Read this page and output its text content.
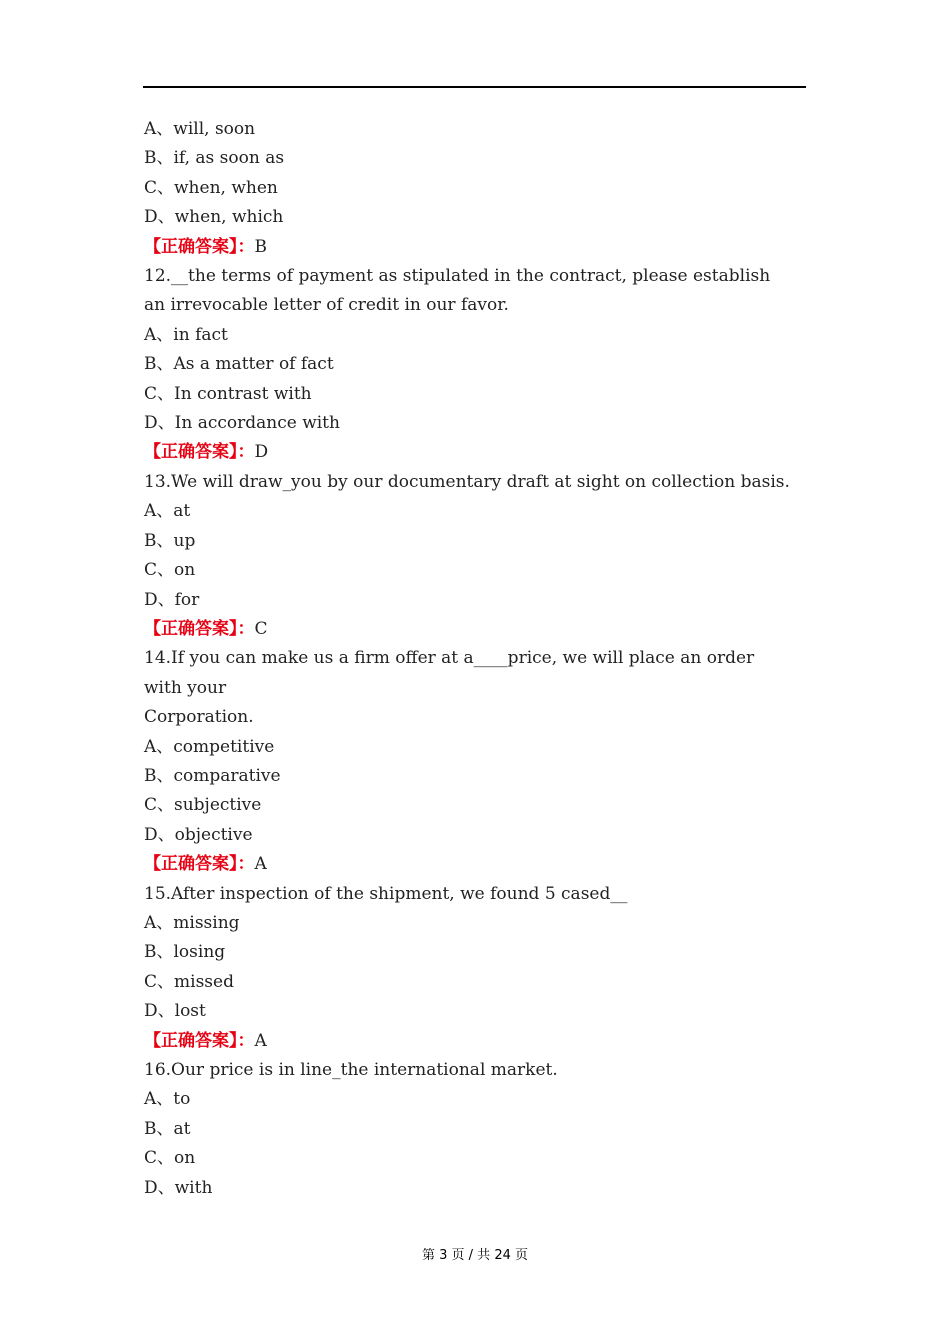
A、will, soon
B、if, as soon as
C、when, when
D、when, which
【正确答案】：B
12.__the terms of payment as stipulated in the contract, please establish an irrevocable letter of credit in our favor.
A、in fact
B、As a matter of fact
C、In contrast with
D、In accordance with
【正确答案】：D
13.We will draw_you by our documentary draft at sight on collection basis.
A、at
B、up
C、on
D、for
【正确答案】：C
14.If you can make us a firm offer at a____price, we will place an order with your
Corporation.
A、competitive
B、comparative
C、subjective
D、objective
【正确答案】：A
15.After inspection of the shipment, we found 5 cased__
A、missing
B、losing
C、missed
D、lost
【正确答案】：A
16.Our price is in line_the international market.
A、to
B、at
C、on
D、with
第 3 页 / 共 24 页
